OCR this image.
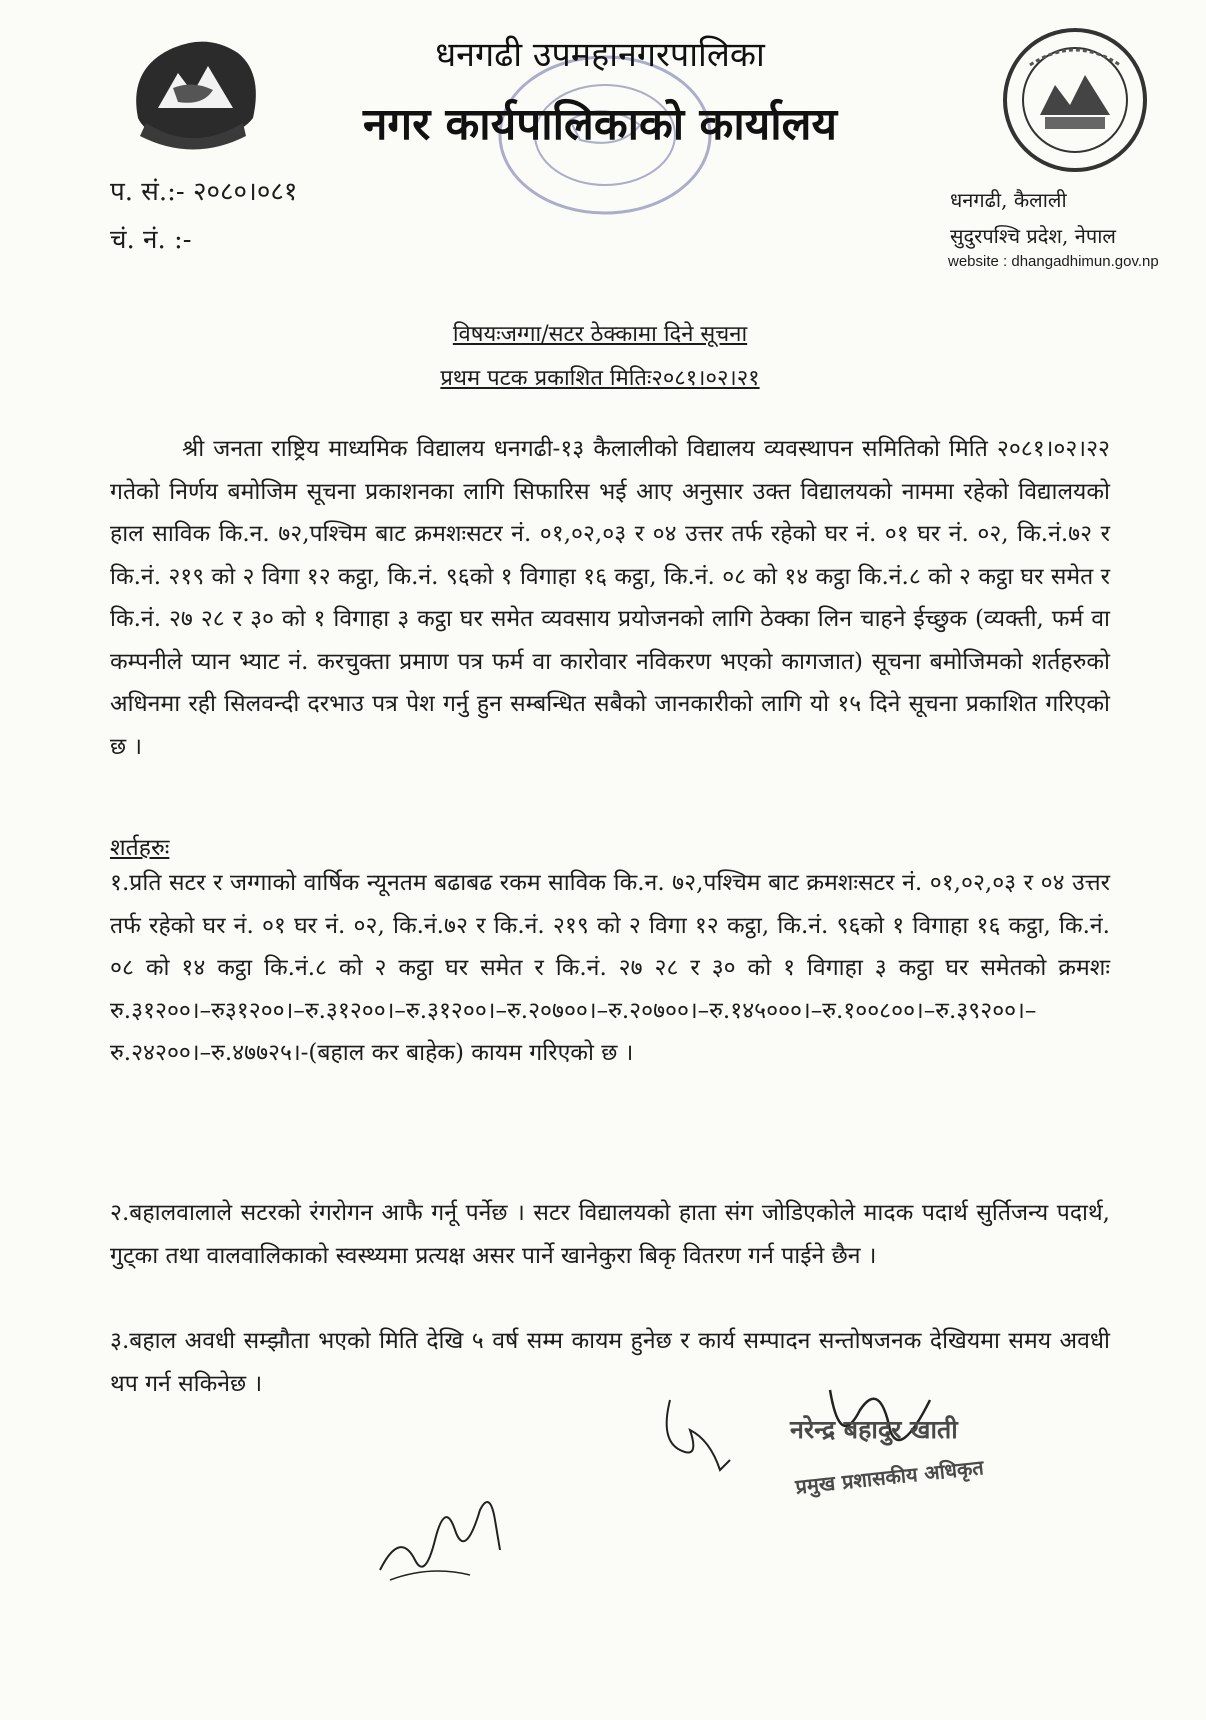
धनगढी उपमहानगरपालिका
नगर कार्यपालिकाको कार्यालय
प. सं.:- २०८०।०८१
चं. नं. :-
धनगढी, कैलाली
सुदुरपश्चि प्रदेश, नेपाल
website : dhangadhimun.gov.np
विषयःजग्गा/सटर ठेक्कामा दिने सूचना
प्रथम पटक प्रकाशित मितिः२०८१।०२।२१
श्री जनता राष्ट्रिय माध्यमिक विद्यालय धनगढी-१३ कैलालीको विद्यालय व्यवस्थापन समितिको मिति २०८१।०२।२२ गतेको निर्णय बमोजिम सूचना प्रकाशनका लागि सिफारिस भई आए अनुसार उक्त विद्यालयको नाममा रहेको विद्यालयको हाल साविक कि.न. ७२,पश्चिम बाट क्रमशःसटर नं. ०१,०२,०३ र ०४ उत्तर तर्फ रहेको घर नं. ०१ घर नं. ०२, कि.नं.७२ र कि.नं. २१९ को २ विगा १२ कट्ठा, कि.नं. ९६को १ विगाहा १६ कट्ठा, कि.नं. ०८ को १४ कट्ठा कि.नं.८ को २ कट्ठा घर समेत र कि.नं. २७ २८ र ३० को १ विगाहा ३ कट्ठा घर समेत व्यवसाय प्रयोजनको लागि ठेक्का लिन चाहने ईच्छुक (व्यक्ती, फर्म वा कम्पनीले प्यान भ्याट नं. करचुक्ता प्रमाण पत्र फर्म वा कारोवार नविकरण भएको कागजात) सूचना बमोजिमको शर्तहरुको अधिनमा रही सिलवन्दी दरभाउ पत्र पेश गर्नु हुन सम्बन्धित सबैको जानकारीको लागि यो १५ दिने सूचना प्रकाशित गरिएको छ ।
शर्तहरुः
१.प्रति सटर र जग्गाको वार्षिक न्यूनतम बढाबढ रकम साविक कि.न. ७२,पश्चिम बाट क्रमशःसटर नं. ०१,०२,०३ र ०४ उत्तर तर्फ रहेको घर नं. ०१ घर नं. ०२, कि.नं.७२ र कि.नं. २१९ को २ विगा १२ कट्ठा, कि.नं. ९६को १ विगाहा १६ कट्ठा, कि.नं. ०८ को १४ कट्ठा कि.नं.८ को २ कट्ठा घर समेत र कि.नं. २७ २८ र ३० को १ विगाहा ३ कट्ठा घर समेतको क्रमशः रु.३१२००।–रु३१२००।–रु.३१२००।–रु.३१२००।–रु.२०७००।–रु.२०७००।–रु.१४५०००।–रु.१००८००।–रु.३९२००।–रु.२४२००।–रु.४७७२५।-(बहाल कर बाहेक) कायम गरिएको छ ।
२.बहालवालाले सटरको रंगरोगन आफै गर्नू पर्नेछ । सटर विद्यालयको हाता संग जोडिएकोले मादक पदार्थ सुर्तिजन्य पदार्थ, गुट्का तथा वालवालिकाको स्वस्थ्यमा प्रत्यक्ष असर पार्ने खानेकुरा बिकृ वितरण गर्न पाईने छैन ।
३.बहाल अवधी सम्झौता भएको मिति देखि ५ वर्ष सम्म कायम हुनेछ र कार्य सम्पादन सन्तोषजनक देखियमा समय अवधी थप गर्न सकिनेछ ।
नरेन्द्र बहादुर खाती
प्रमुख प्रशासकीय अधिकृत
